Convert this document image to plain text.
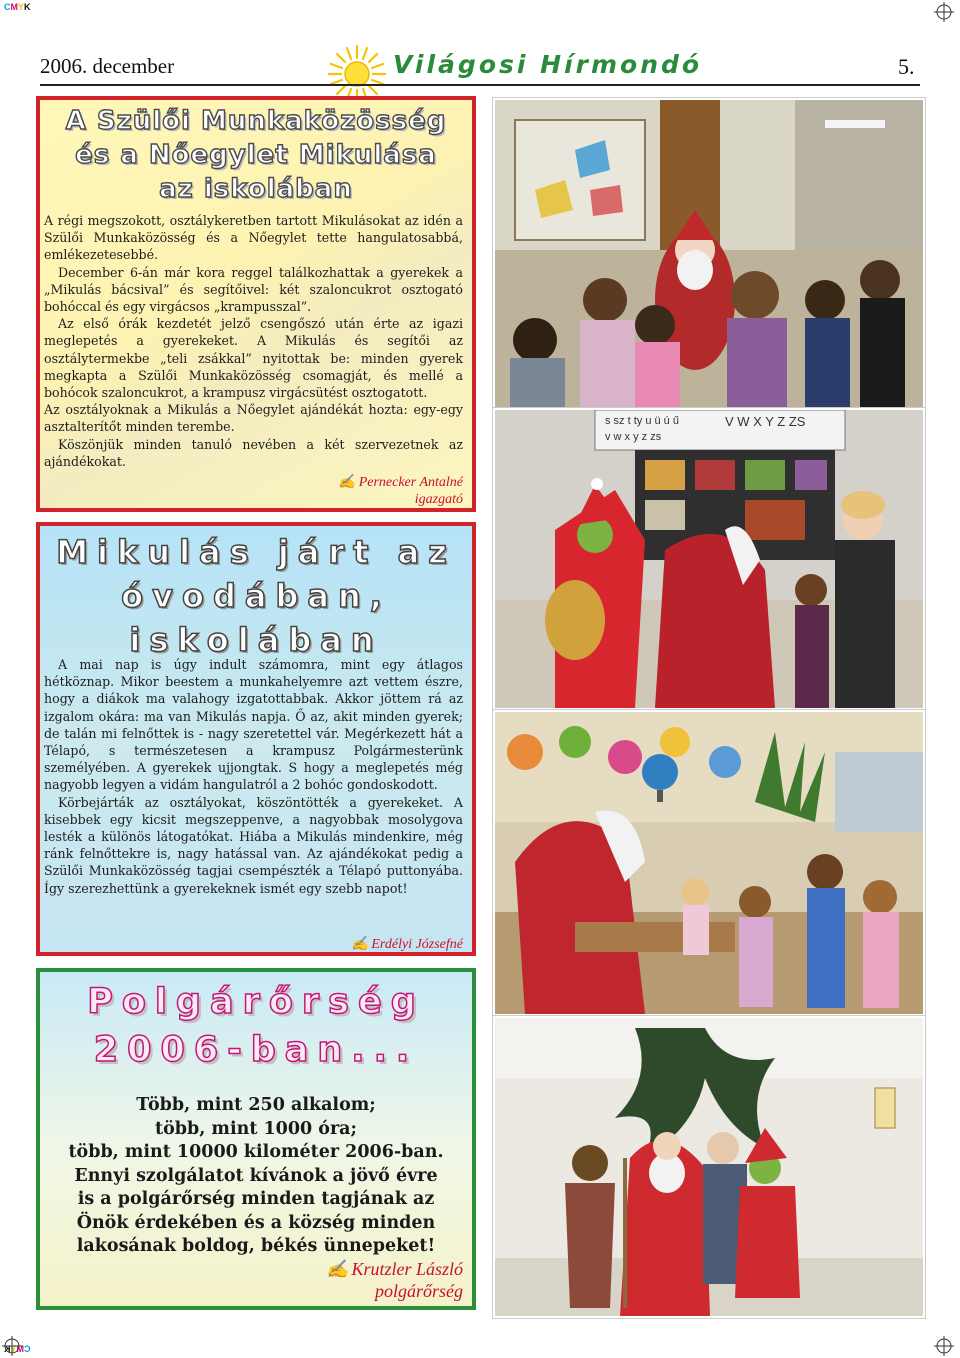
CMYK
CMYK
2006. december	Világosi Hírmondó	5.
A Szülői Munkaközösség
és a Nőegylet Mikulása
az iskolában

A régi megszokott, osztálykeretben tartott Mikulásokat az idén a Szülői Munkaközösség és a Nőegylet tette hangulatosabbá, emlékezetesebbé.

December 6-án már kora reggel találkozhattak a gyerekek a „Mikulás bácsival” és segítőivel: két szaloncukrot osztogató bohóccal és egy virgácsos „krampusszal”.

Az első órák kezdetét jelző csengőszó után érte az igazi meglepetés a gyerekeket. A Mikulás és segítői az osztálytermekbe „teli zsákkal” nyitottak be: minden gyerek megkapta a Szülői Munkaközösség csomagját, és mellé a bohócok szaloncukrot, a krampusz virgácsütést osztogatott.

Az osztályoknak a Mikulás a Nőegylet ajándékát hozta: egy-egy asztalterítőt minden terembe.

Köszönjük minden tanuló nevében a két szervezetnek az ajándékokat.

✍ Pernecker Antalné
igazgató
Mikulás járt az
óvodában,
iskolában

A mai nap is úgy indult számomra, mint egy átlagos hétköznap. Mikor beestem a munkahelyemre azt vettem észre, hogy a diákok ma valahogy izgatottabbak. Akkor jöttem rá az izgalom okára: ma van Mikulás napja. Ő az, akit minden gyerek; de talán mi felnőttek is - nagy szeretettel vár. Megérkezett hát a Télapó, s természetesen a krampusz Polgármesterünk személyében. A gyerekek ujjongtak. S hogy a meglepetés még nagyobb legyen a vidám hangulatról a 2 bohóc gondoskodott.

Körbejárták az osztályokat, köszöntötték a gyerekeket. A kisebbek egy kicsit megszeppenve, a nagyobbak mosolygova lesték a különös látogatókat. Hiába a Mikulás mindenkire, még ránk felnőttekre is, nagy hatással van. Az ajándékokat pedig a Szülői Munkaközösség tagjai csempészték a Télapó puttonyába. Így szerezhettünk a gyerekeknek ismét egy szebb napot!

✍ Erdélyi Józsefné
Polgárőrség
2006-ban...
Több, mint 250 alkalom;
több, mint 1000 óra;
több, mint 10000 kilométer 2006-ban.
Ennyi szolgálatot kívánok a jövő évre
is a polgárőrség minden tagjának az
Önök érdekében és a község minden
lakosának boldog, békés ünnepeket!
✍ Krutzler László
polgárőrség
s sz t ty u ü ú ű
v w x y z zs
V W X Y Z ZS
